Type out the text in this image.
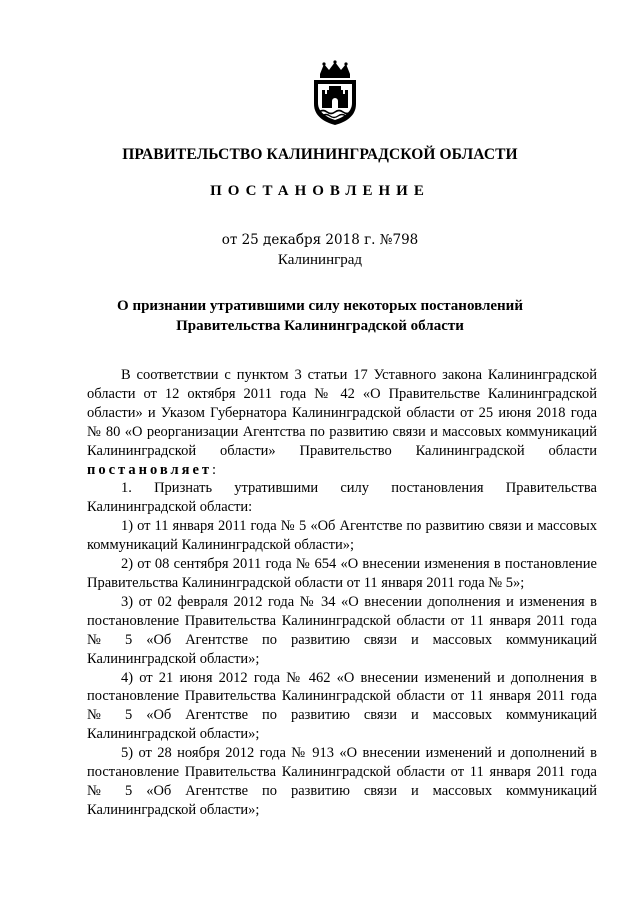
ПРАВИТЕЛЬСТВО КАЛИНИНГРАДСКОЙ ОБЛАСТИ
ПОСТАНОВЛЕНИЕ
от 25 декабря 2018 г. №798
Калининград
О признании утратившими силу некоторых постановлений
Правительства Калининградской области

В соответствии с пунктом 3 статьи 17 Уставного закона Калининградской области от 12 октября 2011 года № 42 «О Правительстве Калининградской области» и Указом Губернатора Калининградской области от 25 июня 2018 года № 80 «О реорганизации Агентства по развитию связи и массовых коммуникаций Калининградской области» Правительство Калининградской области постановляет:

1. Признать утратившими силу постановления Правительства Калининградской области:

1) от 11 января 2011 года № 5 «Об Агентстве по развитию связи и массовых коммуникаций Калининградской области»;

2) от 08 сентября 2011 года № 654 «О внесении изменения в постановление Правительства Калининградской области от 11 января 2011 года № 5»;

3) от 02 февраля 2012 года № 34 «О внесении дополнения и изменения в постановление Правительства Калининградской области от 11 января 2011 года № 5 «Об Агентстве по развитию связи и массовых коммуникаций Калининградской области»;

4) от 21 июня 2012 года № 462 «О внесении изменений и дополнения в постановление Правительства Калининградской области от 11 января 2011 года № 5 «Об Агентстве по развитию связи и массовых коммуникаций Калининградской области»;

5) от 28 ноября 2012 года № 913 «О внесении изменений и дополнений в постановление Правительства Калининградской области от 11 января 2011 года № 5 «Об Агентстве по развитию связи и массовых коммуникаций Калининградской области»;
